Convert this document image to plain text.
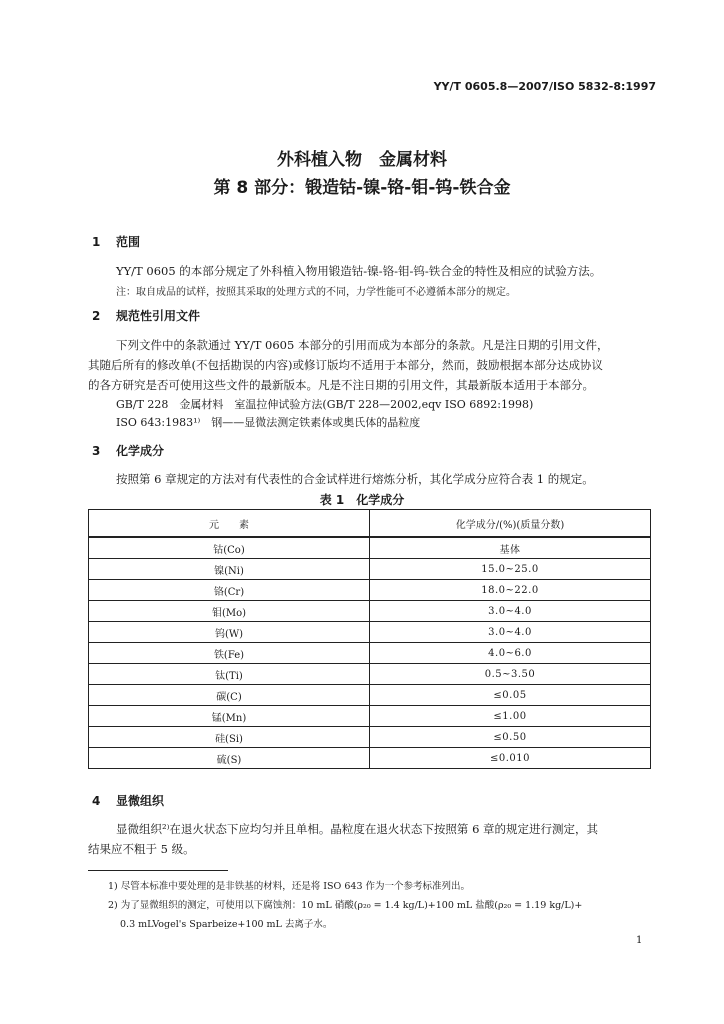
YY/T 0605.8—2007/ISO 5832-8:1997
外科植入物　金属材料
第 8 部分：锻造钴-镍-铬-钼-钨-铁合金
1 范围
YY/T 0605 的本部分规定了外科植入物用锻造钴-镍-铬-钼-钨-铁合金的特性及相应的试验方法。
注：取自成品的试样，按照其采取的处理方式的不同，力学性能可不必遵循本部分的规定。
2 规范性引用文件
下列文件中的条款通过 YY/T 0605 本部分的引用而成为本部分的条款。凡是注日期的引用文件，
其随后所有的修改单(不包括勘误的内容)或修订版均不适用于本部分，然而，鼓励根据本部分达成协议
的各方研究是否可使用这些文件的最新版本。凡是不注日期的引用文件，其最新版本适用于本部分。
GB/T 228　金属材料　室温拉伸试验方法(GB/T 228—2002,eqv ISO 6892:1998)
ISO 643:1983¹⁾　钢——显微法测定铁素体或奥氏体的晶粒度
3 化学成分
按照第 6 章规定的方法对有代表性的合金试样进行熔炼分析，其化学成分应符合表 1 的规定。
表 1　化学成分
元　　素	化学成分/(%)(质量分数)
钴(Co)	基体
镍(Ni)	15.0~25.0
铬(Cr)	18.0~22.0
钼(Mo)	3.0~4.0
钨(W)	3.0~4.0
铁(Fe)	4.0~6.0
钛(Ti)	0.5~3.50
碳(C)	≤0.05
锰(Mn)	≤1.00
硅(Si)	≤0.50
硫(S)	≤0.010
4 显微组织
显微组织²⁾在退火状态下应均匀并且单相。晶粒度在退火状态下按照第 6 章的规定进行测定，其
结果应不粗于 5 级。
1) 尽管本标准中要处理的是非铁基的材料，还是将 ISO 643 作为一个参考标准列出。
2) 为了显微组织的测定，可使用以下腐蚀剂：10 mL 硝酸(ρ₂₀ = 1.4 kg/L)+100 mL 盐酸(ρ₂₀ = 1.19 kg/L)+
0.3 mLVogel's Sparbeize+100 mL 去离子水。
1
